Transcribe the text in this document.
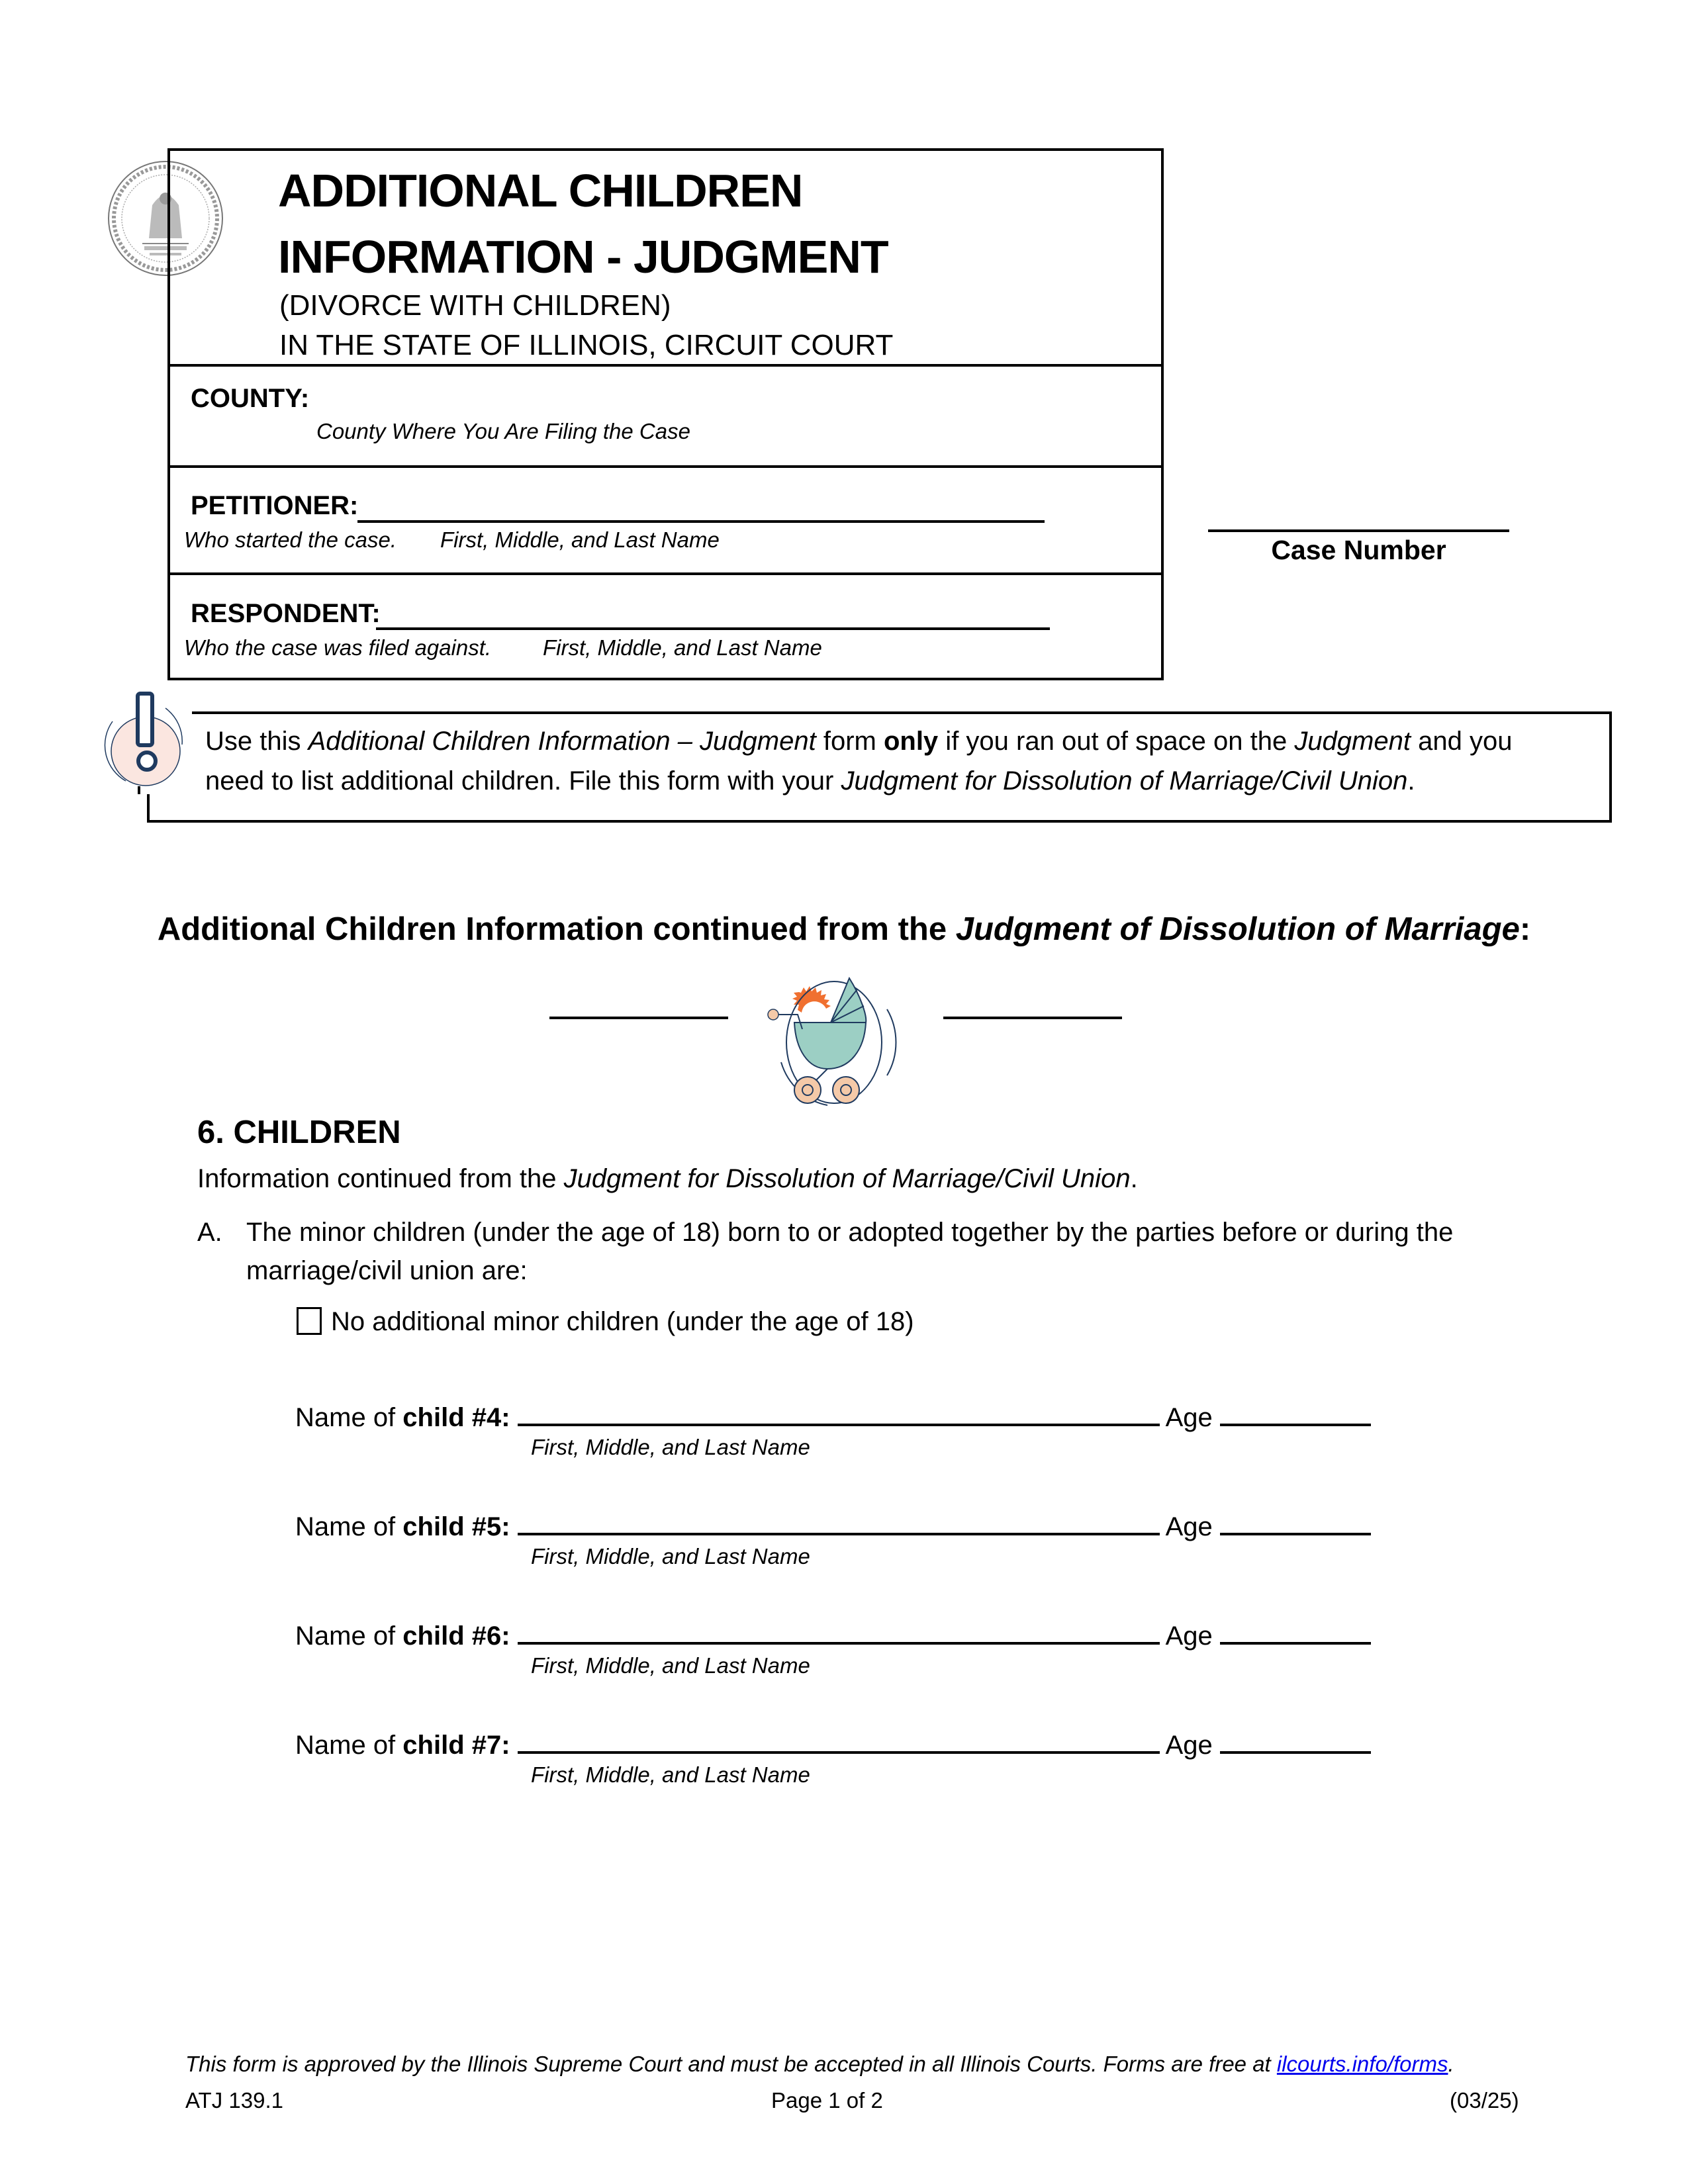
ADDITIONAL CHILDREN
INFORMATION - JUDGMENT
(DIVORCE WITH CHILDREN)
IN THE STATE OF ILLINOIS, CIRCUIT COURT
COUNTY:
County Where You Are Filing the Case
PETITIONER:
Who started the case. First, Middle, and Last Name
RESPONDENT:
Who the case was filed against. First, Middle, and Last Name
Case Number
Use this Additional Children Information – Judgment form only if you ran out of space on the Judgment and you
need to list additional children. File this form with your Judgment for Dissolution of Marriage/Civil Union.
Additional Children Information continued from the Judgment of Dissolution of Marriage:
6. CHILDREN
Information continued from the Judgment for Dissolution of Marriage/Civil Union.
A. The minor children (under the age of 18) born to or adopted together by the parties before or during the
marriage/civil union are:
No additional minor children (under the age of 18)
Name of child #4:	Age
First, Middle, and Last Name
Name of child #5:	Age
First, Middle, and Last Name
Name of child #6:	Age
First, Middle, and Last Name
Name of child #7:	Age
First, Middle, and Last Name
This form is approved by the Illinois Supreme Court and must be accepted in all Illinois Courts. Forms are free at ilcourts.info/forms.
ATJ 139.1	Page 1 of 2	(03/25)
